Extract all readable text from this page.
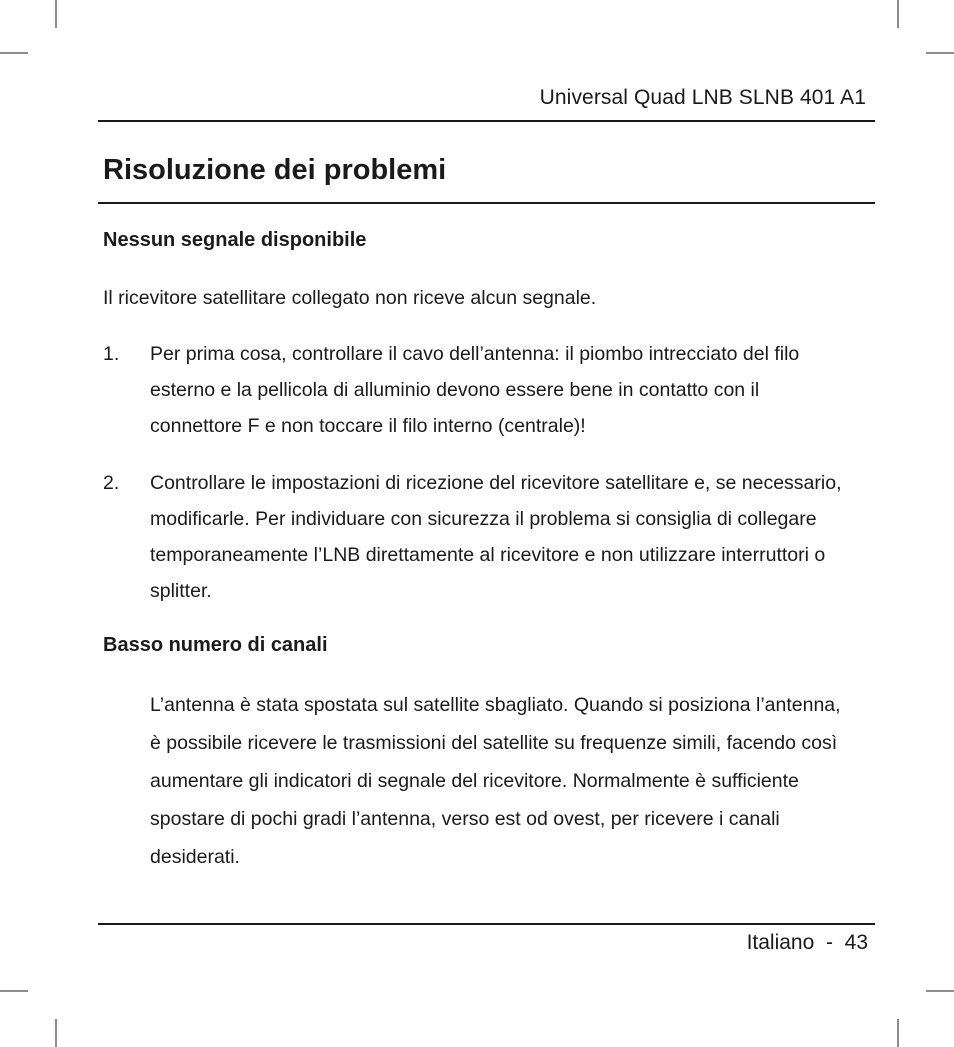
Universal Quad LNB SLNB 401 A1
Risoluzione dei problemi
Nessun segnale disponibile

Il ricevitore satellitare collegato non riceve alcun segnale.

1. Per prima cosa, controllare il cavo dell’antenna: il piombo intrecciato del filo esterno e la pellicola di alluminio devono essere bene in contatto con il connettore F e non toccare il filo interno (centrale)!

2. Controllare le impostazioni di ricezione del ricevitore satellitare e, se necessario, modificarle. Per individuare con sicurezza il problema si consiglia di collegare temporaneamente l’LNB direttamente al ricevitore e non utilizzare interruttori o splitter.

Basso numero di canali

L’antenna è stata spostata sul satellite sbagliato. Quando si posiziona l’antenna, è possibile ricevere le trasmissioni del satellite su frequenze simili, facendo così aumentare gli indicatori di segnale del ricevitore. Normalmente è sufficiente spostare di pochi gradi l’antenna, verso est od ovest, per ricevere i canali desiderati.

Italiano - 43
